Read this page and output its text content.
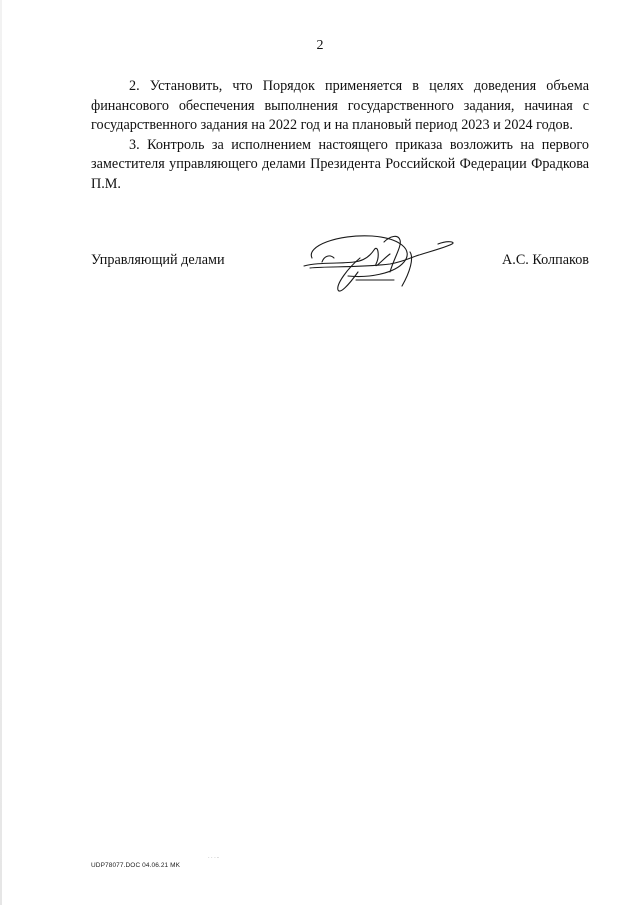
2

2. Установить, что Порядок применяется в целях доведения объема финансового обеспечения выполнения государственного задания, начиная с государственного задания на 2022 год и на плановый период 2023 и 2024 годов.

3. Контроль за исполнением настоящего приказа возложить на первого заместителя управляющего делами Президента Российской Федерации Фрадкова П.М.

Управляющий делами	А.С. Колпаков
UDP78077.DOC 04.06.21 MK
· · · -
